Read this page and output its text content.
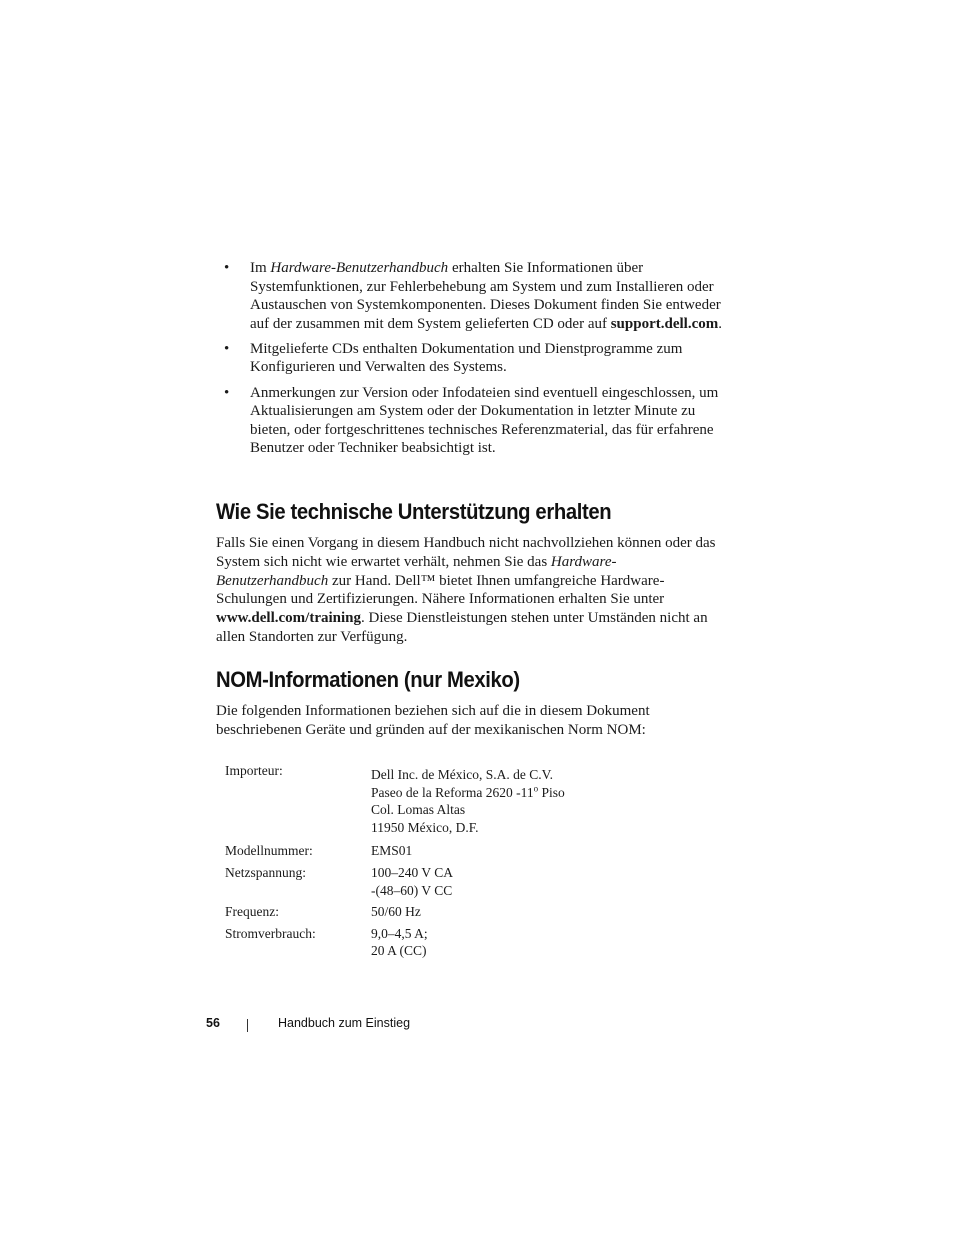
• Im Hardware-Benutzerhandbuch erhalten Sie Informationen über Systemfunktionen, zur Fehlerbehebung am System und zum Installieren oder Austauschen von Systemkomponenten. Dieses Dokument finden Sie entweder auf der zusammen mit dem System gelieferten CD oder auf support.dell.com.
• Mitgelieferte CDs enthalten Dokumentation und Dienstprogramme zum Konfigurieren und Verwalten des Systems.
• Anmerkungen zur Version oder Infodateien sind eventuell eingeschlossen, um Aktualisierungen am System oder der Dokumentation in letzter Minute zu bieten, oder fortgeschrittenes technisches Referenzmaterial, das für erfahrene Benutzer oder Techniker beabsichtigt ist.
Wie Sie technische Unterstützung erhalten

Falls Sie einen Vorgang in diesem Handbuch nicht nachvollziehen können oder das System sich nicht wie erwartet verhält, nehmen Sie das Hardware-Benutzerhandbuch zur Hand. Dell™ bietet Ihnen umfangreiche Hardware-Schulungen und Zertifizierungen. Nähere Informationen erhalten Sie unter www.dell.com/training. Diese Dienstleistungen stehen unter Umständen nicht an allen Standorten zur Verfügung.

NOM-Informationen (nur Mexiko)

Die folgenden Informationen beziehen sich auf die in diesem Dokument beschriebenen Geräte und gründen auf der mexikanischen Norm NOM:

Importeur:	Dell Inc. de México, S.A. de C.V.
Paseo de la Reforma 2620 -11$^o$ Piso
Col. Lomas Altas
11950 México, D.F.
Modellnummer:	EMS01
Netzspannung:	100–240 V CA
-(48–60) V CC
Frequenz:	50/60 Hz
Stromverbrauch:	9,0–4,5 A;
20 A (CC)
56	Handbuch zum Einstieg
